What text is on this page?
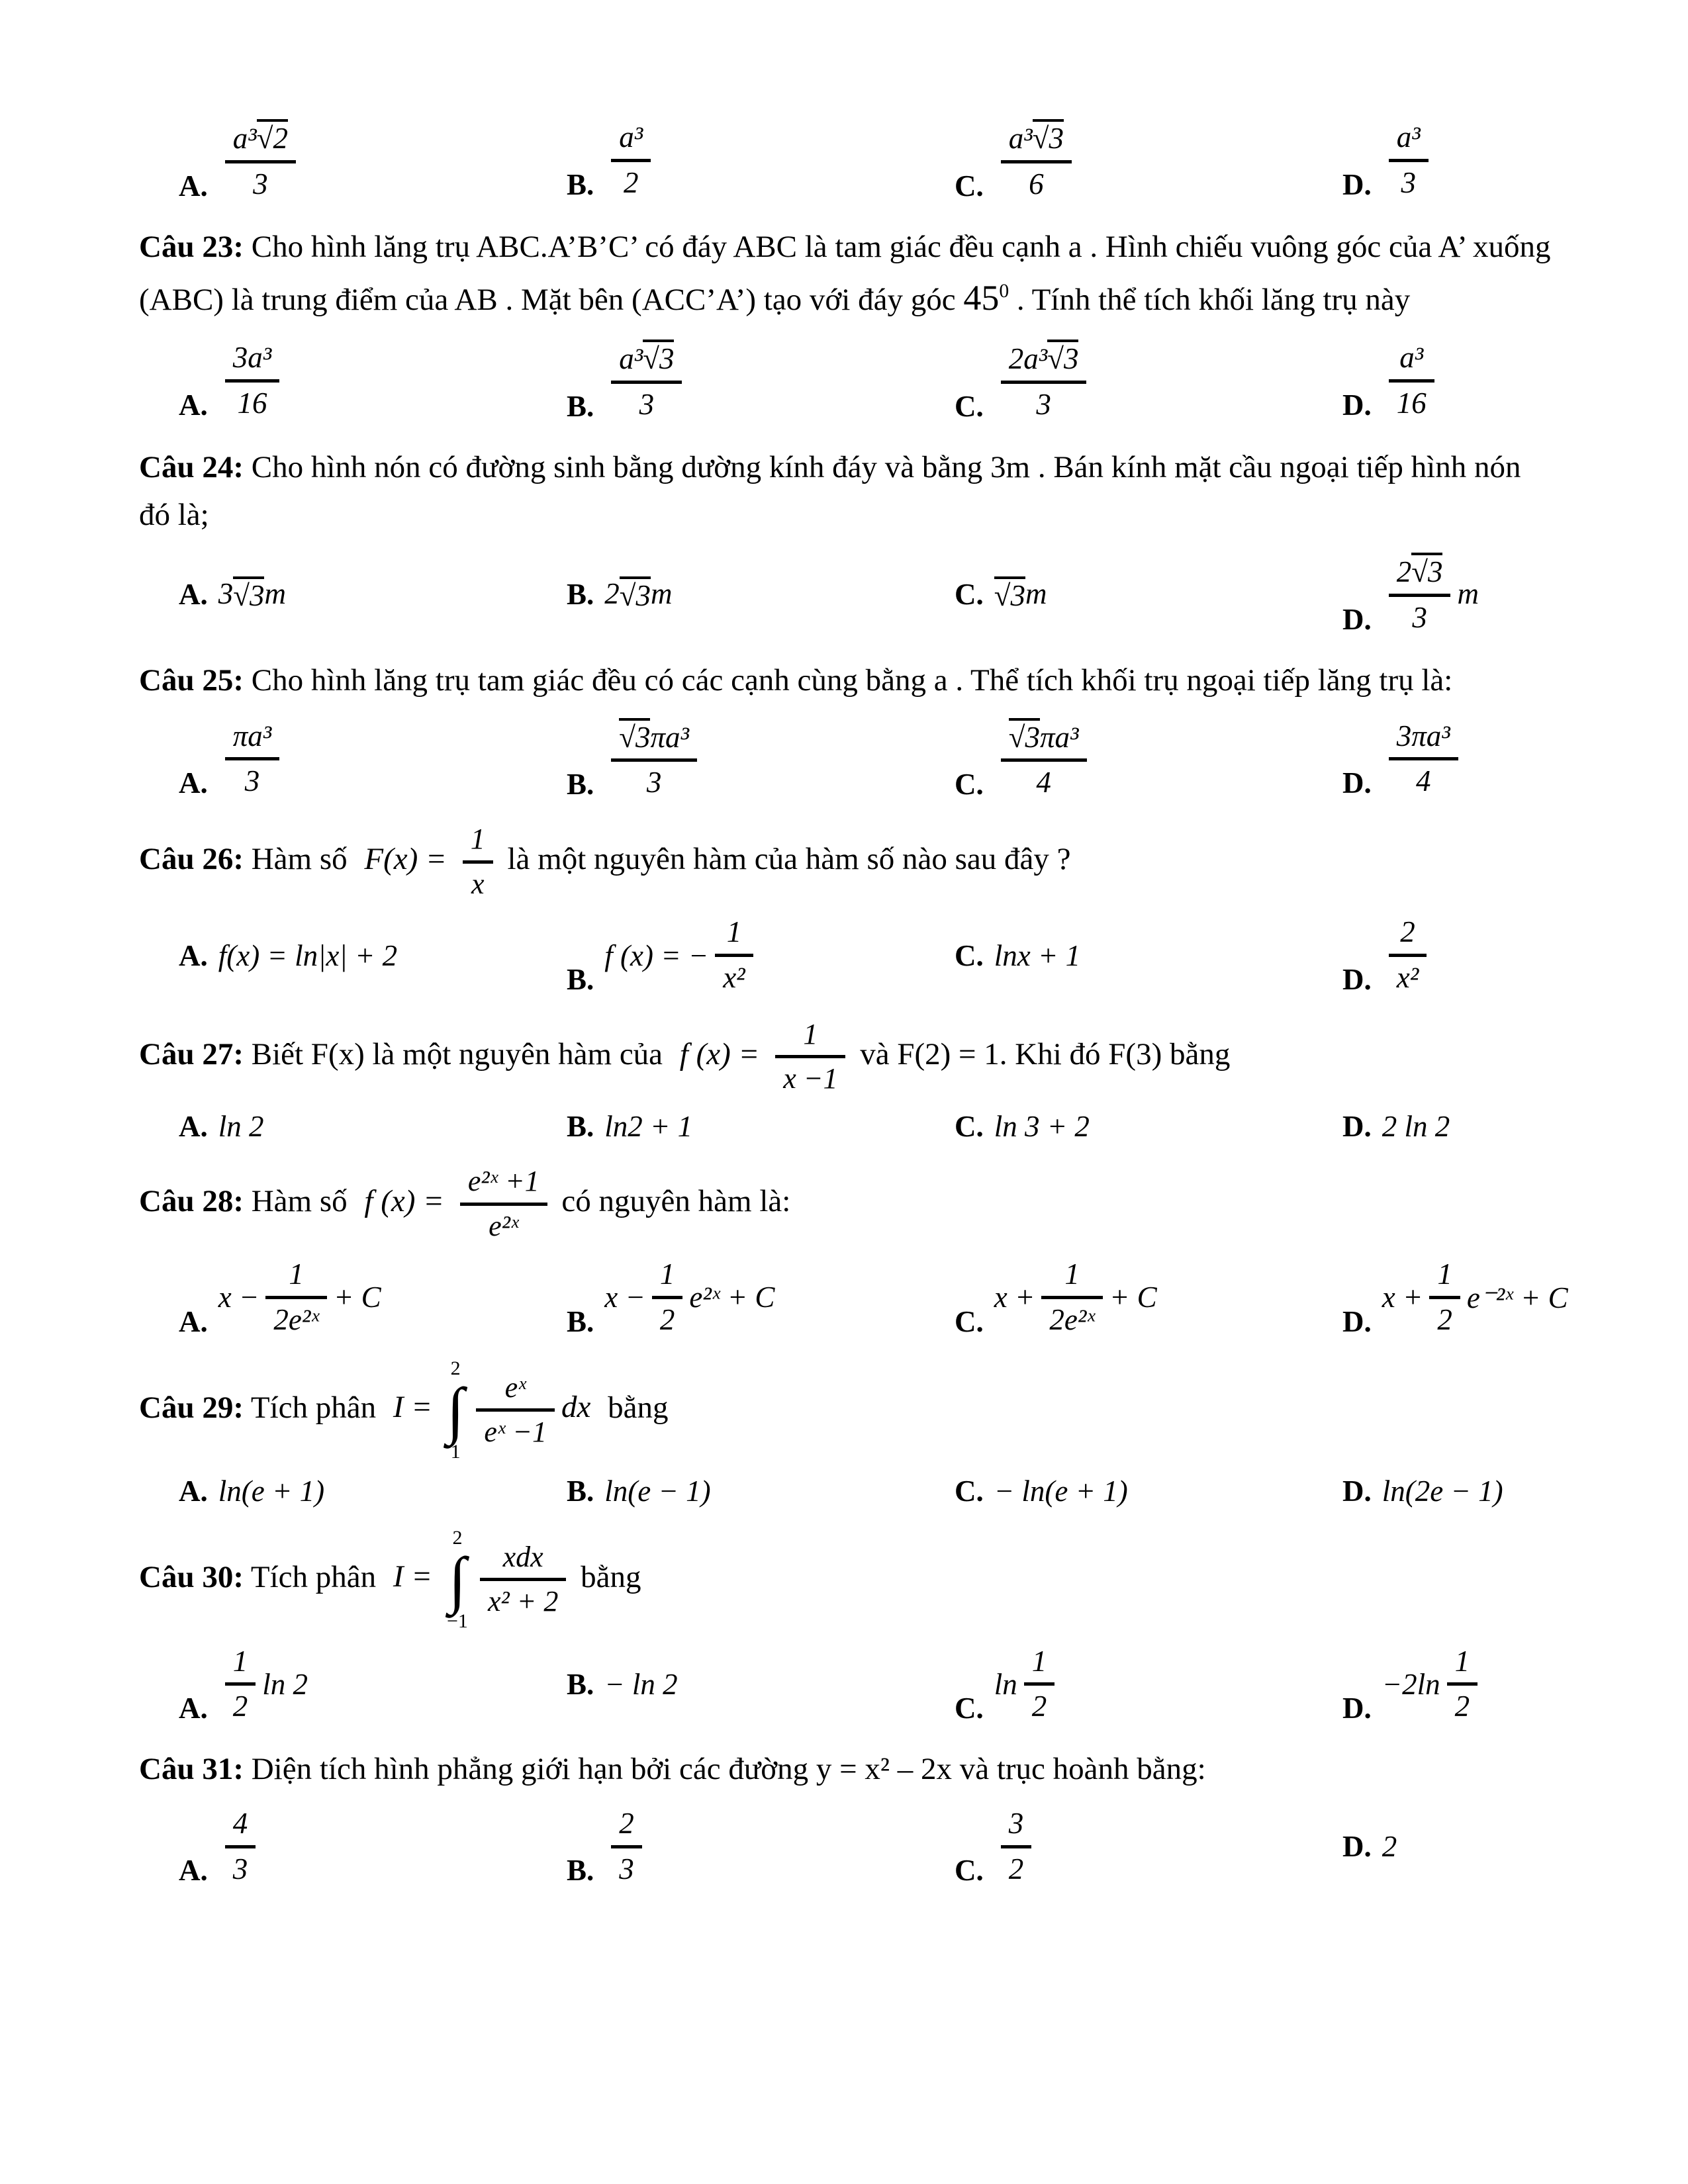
A. $\frac{\text{a³√2}}{3}$	B. $\frac{\text{a³}}{2}$	C. $\frac{\text{a³√3}}{6}$	D. $\frac{\text{a³}}{3}$

Câu 23: Cho hình lăng trụ ABC.A’B’C’ có đáy ABC là tam giác đều cạnh a . Hình chiếu vuông góc của A’ xuống (ABC) là trung điểm của AB . Mặt bên (ACC’A’) tạo với đáy góc $45^0$ . Tính thể tích khối lăng trụ này

A. $\frac{\text{3a³}}{16}$	B. $\frac{\text{a³√3}}{3}$	C. $\frac{\text{2a³√3}}{3}$	D. $\frac{\text{a³}}{16}$

Câu 24: Cho hình nón có đường sinh bằng dường kính đáy và bằng 3m . Bán kính mặt cầu ngoại tiếp hình nón đó là;

A. 3 √3 m	B. 2 √3 m	C. √3 m
D. $\frac{2√3}{3}$ m

Câu 25: Cho hình lăng trụ tam giác đều có các cạnh cùng bằng a . Thể tích khối trụ ngoại tiếp lăng trụ là:

A. $\frac{\text{πa³}}{3}$	B. $\frac{\text{√3πa³}}{3}$	C. $\frac{\text{√3πa³}}{4}$	D. $\frac{\text{3πa³}}{4}$

Câu 26: Hàm số $F(x) = \frac{1}{x}$ là một nguyên hàm của hàm số nào sau đây ?

A. f(x) = ln|x| + 2
B.
f (x) = − $\frac{1}{\text{x²}}$	C. lnx + 1
D. $\frac{2}{\text{x²}}$

Câu 27: Biết F(x) là một nguyên hàm của f $(x) = \frac{1}{x -1}$ và F(2) = 1. Khi đó F(3) bằng

A. ln 2	B. ln2 + 1	C. ln 3 + 2	D. 2 ln 2

Câu 28: Hàm số f $(x) = \frac{\text{e²ˣ +1}}{\text{e²ˣ}}$ có nguyên hàm là:

A.
$x - \frac{1}{\text{2e²ˣ}} + C$
B.
$x - \frac{1}{2}$ e²ˣ + C
C.
$x + \frac{1}{\text{2e²ˣ}} + C$
D.
$x + \frac{1}{2}$ e⁻²ˣ + C

Câu 29: Tích phân I =
2
∫
1
$\frac{\text{eˣ}}{\text{eˣ −1}}$ dx bằng

A. ln(e + 1)	B. ln(e − 1)	C. − ln(e + 1)	D. ln(2e − 1)

Câu 30: Tích phân I =
2
∫
−1
$\frac{\text{xdx}}{\text{x² + 2}}$ bằng

A. $\frac{1}{2}$ ln 2	B. − ln 2
C.
$\ln \frac{1}{2}$	D.
$-2\ln \frac{1}{2}$

Câu 31: Diện tích hình phẳng giới hạn bởi các đường y = x² – 2x và trục hoành bằng:

A. $\frac{4}{3}$	B. $\frac{2}{3}$	C. $\frac{3}{2}$	D. 2
